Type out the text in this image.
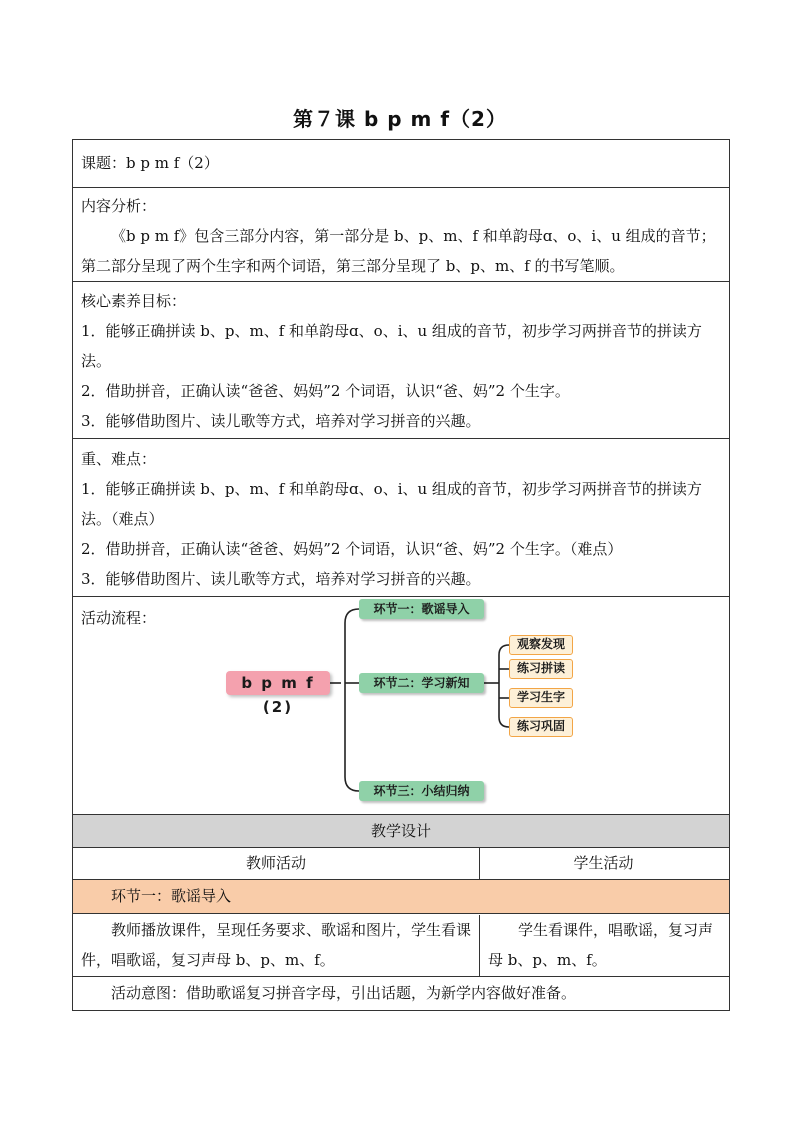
第７课 b p m f（2）
课题：b p m f（2）
内容分析：
《b p m f》包含三部分内容，第一部分是 b、p、m、f 和单韵母ɑ、o、i、u 组成的音节；第二部分呈现了两个生字和两个词语，第三部分呈现了 b、p、m、f 的书写笔顺。
核心素养目标：
1．能够正确拼读 b、p、m、f 和单韵母ɑ、o、i、u 组成的音节，初步学习两拼音节的拼读方法。
2．借助拼音，正确认读“爸爸、妈妈”2 个词语，认识“爸、妈”2 个生字。
3．能够借助图片、读儿歌等方式，培养对学习拼音的兴趣。
重、难点：
1．能够正确拼读 b、p、m、f 和单韵母ɑ、o、i、u 组成的音节，初步学习两拼音节的拼读方法。（难点）
2．借助拼音，正确认读“爸爸、妈妈”2 个词语，认识“爸、妈”2 个生字。（难点）
3．能够借助图片、读儿歌等方式，培养对学习拼音的兴趣。
活动流程：
b p m f (2)
环节一：歌谣导入
环节二：学习新知
环节三：小结归纳
观察发现
练习拼读
学习生字
练习巩固
教学设计
教师活动	学生活动
环节一：歌谣导入
教师播放课件，呈现任务要求、歌谣和图片，学生看课件，唱歌谣，复习声母 b、p、m、f。
学生看课件，唱歌谣，复习声母 b、p、m、f。
活动意图：借助歌谣复习拼音字母，引出话题，为新学内容做好准备。
